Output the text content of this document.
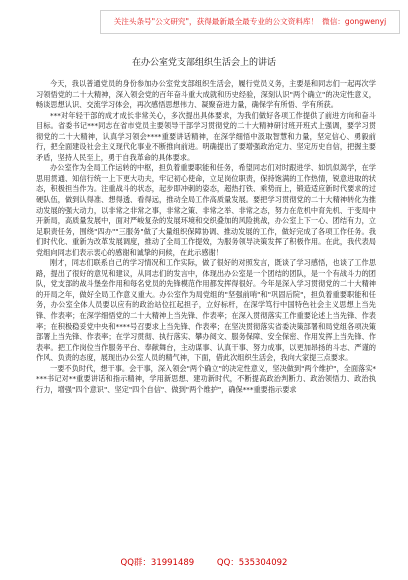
关注头条号"公文研究"，获得最新最全最专业的公文资料库！ 微信：gongwenyj
在办公室党支部组织生活会上的讲话

今天，我以普通党员的身份参加办公室党支部组织生活会，履行党员义务，主要是和同志们一起再次学习领悟党的二十大精神，深入领会党的百年奋斗重大成就和历史经验，深刻认识"两个确立"的决定性意义，畅谈思想认识、交流学习体会，再次感悟思想伟力、凝聚奋进力量，确保学有所悟、学有所获。

***对年轻干部的成才成长非常关心，多次提出具体要求，为我们做好各项工作提供了前进方向和奋斗目标。省委书记***同志在省市党员主要领导干部学习贯彻党的二十大精神研讨班开班式上强调，要学习贯彻党的二十大精神，认真学习领会****重要讲话精神，在深学细悟中汲取智慧和力量，坚定信心、勇毅前行，把全面建设社会主义现代化事业不断推向前进。明确提出了要增强政治定力、坚定历史自信，把握主要矛盾，坚持人民至上，勇于自我革命的具体要求。

办公室作为全局工作运转的中枢，担负着重要职能和任务，希望同志们对时跟进学、如饥似渴学，在学思用贯通、知信行统一上下更大功夫，牢记初心使命，立足岗位职责，保持饱满的工作热情，锐意进取的状态，积极担当作为。注重战斗的状态，起步即冲刺的姿态，超热打铁、乘势而上，锻造适应新时代要求的过硬队伍，做到认得准、想得透、看得远，推动全局工作高质量发展。要把学习贯彻党的二十大精神转化为推动发展的强大动力，以非常之非常之事，非常之策、非常之举、非常之态，努力在危机中育先机、于变局中开新局，高质量发展中，面对严峻复杂的发展环境和交织叠加的风险挑战，办公室上下一心、团结有力，立足职责任务，围绕"四办""三服务"做了大量组织保障协调、推动发展的工作，做好完成了各项工作任务。我们时代化、重新为改革发展调度，推动了全局工作提效，为服务领导决策发挥了积极作用。在此，我代表局党组向同志们表示衷心的感谢和诚挚的问候，在此示感谢！

刚才，同志们联系自己的学习情况和工作实际，做了很好的对照发言，既谈了学习感悟，也谈了工作思路，提出了很好的意见和建议，从同志们的发言中，体现出办公室是一个团结的团队，是一个有战斗力的团队，党支部的战斗堡垒作用和每名党员的先锋模范作用都发挥得很好。今年是深入学习贯彻党的二十大精神的开局之年，做好全局工作意义重大。办公室作为局党组的"坚强前哨"和"巩固后院"，担负着重要职能和任务，办公室全体人员要以应有的政治站位扛起担子，立好标杆，在深学笃行中国特色社会主义思想上当先锋、作表率；在深学细悟党的二十大精神上当先锋、作表率；在深入贯彻落实工作重要论述上当先锋、作表率；在积极稳妥党中央和****号召要求上当先锋、作表率；在坚决贯彻落实省委决策部署和局党组各项决策部署上当先锋、作表率；在学习贯彻、执行落实、攀办阅文、服务保障、安全保密、作用发挥上当先锋、作表率。把工作岗位当作服务平台、奉献舞台，主动谋事、认真干事、努力成事，以更加昂扬的斗志、严谨的作风、负责的态度，展现出办公室人员的精气神，下面，借此次组织生活会，我向大家提三点要求。

一要不负时代，想干事。会干事，深入领会"两个确立"的决定性意义，坚决做到"两个维护"，全面落实****书记对**重要讲话和指示精神，学用新思想、建功新时代，不断提高政治判断力、政治领悟力、政治执行力，增强"四个意识"、坚定"四个自信"、做到"两个维护"，确保***重要指示要求

QQ群：31991489	QQ：535304092
